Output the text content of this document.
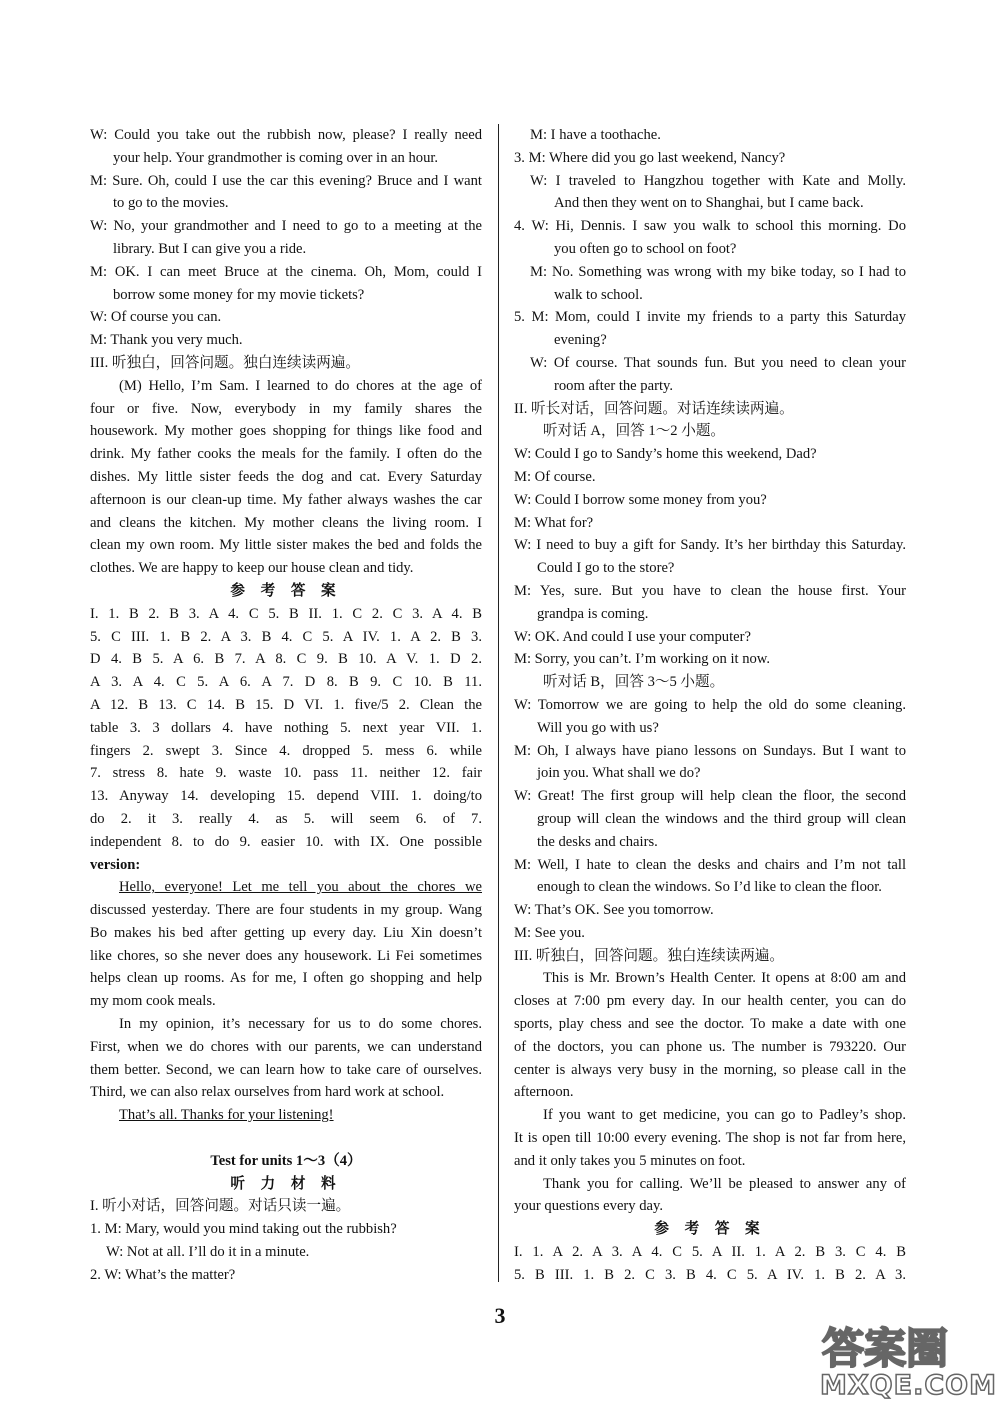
W: Could you take out the rubbish now, please? I really need
your help. Your grandmother is coming over in an hour.
M: Sure. Oh, could I use the car this evening? Bruce and I want
to go to the movies.
W: No, your grandmother and I need to go to a meeting at the
library. But I can give you a ride.
M: OK. I can meet Bruce at the cinema. Oh, Mom, could I
borrow some money for my movie tickets?
W: Of course you can.
M: Thank you very much.
III. 听独白，回答问题。独白连续读两遍。
(M) Hello, I’m Sam. I learned to do chores at the age of
four or five. Now, everybody in my family shares the
housework. My mother goes shopping for things like food and
drink. My father cooks the meals for the family. I often do the
dishes. My little sister feeds the dog and cat. Every Saturday
afternoon is our clean-up time. My father always washes the car
and cleans the kitchen. My mother cleans the living room. I
clean my own room. My little sister makes the bed and folds the
clothes. We are happy to keep our house clean and tidy.
参 考 答 案
I. 1. B 2. B 3. A 4. C 5. B II. 1. C 2. C 3. A 4. B
5. C III. 1. B 2. A 3. B 4. C 5. A IV. 1. A 2. B 3.
D 4. B 5. A 6. B 7. A 8. C 9. B 10. A V. 1. D 2.
A 3. A 4. C 5. A 6. A 7. D 8. B 9. C 10. B 11.
A 12. B 13. C 14. B 15. D VI. 1. five/5 2. Clean the
table 3. 3 dollars 4. have nothing 5. next year VII. 1.
fingers 2. swept 3. Since 4. dropped 5. mess 6. while
7. stress 8. hate 9. waste 10. pass 11. neither 12. fair
13. Anyway 14. developing 15. depend VIII. 1. doing/to
do 2. it 3. really 4. as 5. will seem 6. of 7.
independent 8. to do 9. easier 10. with IX. One possible
version:
Hello, everyone! Let me tell you about the chores we
discussed yesterday. There are four students in my group. Wang
Bo makes his bed after getting up every day. Liu Xin doesn’t
like chores, so she never does any housework. Li Fei sometimes
helps clean up rooms. As for me, I often go shopping and help
my mom cook meals.
In my opinion, it’s necessary for us to do some chores.
First, when we do chores with our parents, we can understand
them better. Second, we can learn how to take care of ourselves.
Third, we can also relax ourselves from hard work at school.
That’s all. Thanks for your listening!

Test for units 1～3（4）
听 力 材 料
I. 听小对话，回答问题。对话只读一遍。
1. M: Mary, would you mind taking out the rubbish?
W: Not at all. I’ll do it in a minute.
2. W: What’s the matter?
M: I have a toothache.
3. M: Where did you go last weekend, Nancy?
W: I traveled to Hangzhou together with Kate and Molly.
And then they went on to Shanghai, but I came back.
4. W: Hi, Dennis. I saw you walk to school this morning. Do
you often go to school on foot?
M: No. Something was wrong with my bike today, so I had to
walk to school.
5. M: Mom, could I invite my friends to a party this Saturday
evening?
W: Of course. That sounds fun. But you need to clean your
room after the party.
II. 听长对话，回答问题。对话连续读两遍。
听对话 A，回答 1～2 小题。
W: Could I go to Sandy’s home this weekend, Dad?
M: Of course.
W: Could I borrow some money from you?
M: What for?
W: I need to buy a gift for Sandy. It’s her birthday this Saturday.
Could I go to the store?
M: Yes, sure. But you have to clean the house first. Your
grandpa is coming.
W: OK. And could I use your computer?
M: Sorry, you can’t. I’m working on it now.
听对话 B，回答 3～5 小题。
W: Tomorrow we are going to help the old do some cleaning.
Will you go with us?
M: Oh, I always have piano lessons on Sundays. But I want to
join you. What shall we do?
W: Great! The first group will help clean the floor, the second
group will clean the windows and the third group will clean
the desks and chairs.
M: Well, I hate to clean the desks and chairs and I’m not tall
enough to clean the windows. So I’d like to clean the floor.
W: That’s OK. See you tomorrow.
M: See you.
III. 听独白，回答问题。独白连续读两遍。
This is Mr. Brown’s Health Center. It opens at 8:00 am and
closes at 7:00 pm every day. In our health center, you can do
sports, play chess and see the doctor. To make a date with one
of the doctors, you can phone us. The number is 793220. Our
center is always very busy in the morning, so please call in the
afternoon.
If you want to get medicine, you can go to Padley’s shop.
It is open till 10:00 every evening. The shop is not far from here,
and it only takes you 5 minutes on foot.
Thank you for calling. We’ll be pleased to answer any of
your questions every day.
参 考 答 案
I. 1. A 2. A 3. A 4. C 5. A II. 1. A 2. B 3. C 4. B
5. B III. 1. B 2. C 3. B 4. C 5. A IV. 1. B 2. A 3.
3
答案圈
MXQE.COM
